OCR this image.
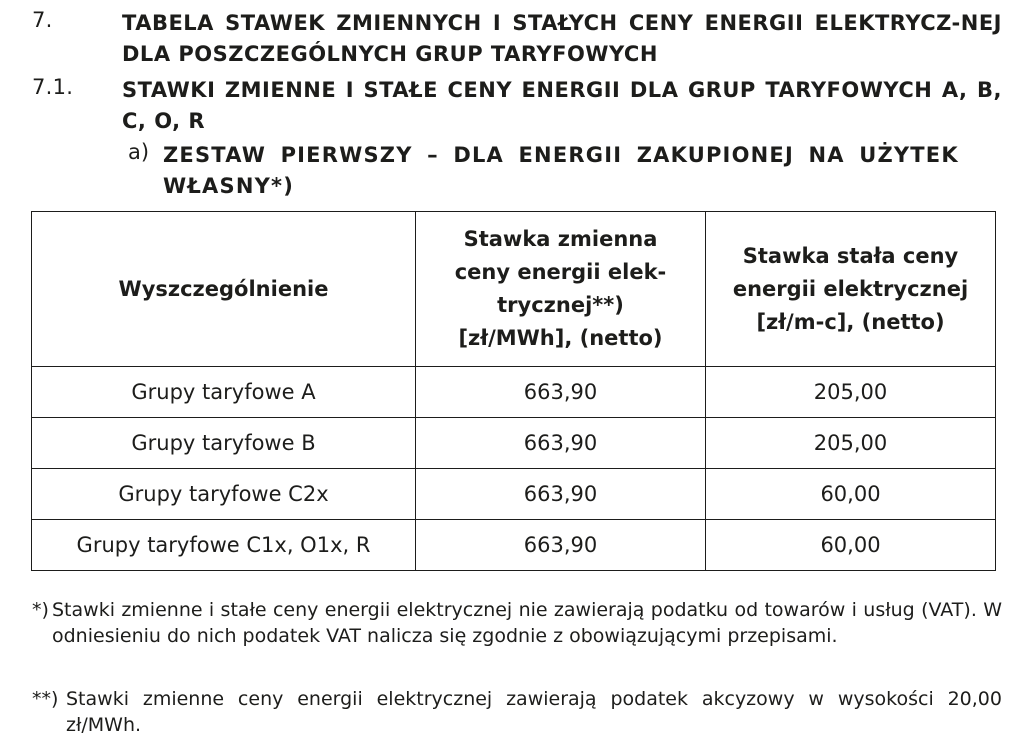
7.	TABELA STAWEK ZMIENNYCH I STAŁYCH CENY ENERGII ELEKTRYCZ-NEJ DLA POSZCZEGÓLNYCH GRUP TARYFOWYCH
7.1. STAWKI ZMIENNE I STAŁE CENY ENERGII DLA GRUP TARYFOWYCH A, B, C, O, R
a) ZESTAW PIERWSZY – DLA ENERGII ZAKUPIONEJ NA UŻYTEK WŁASNY*)
Wyszczególnienie	Stawka zmienna ceny energii elek-trycznej**) [zł/MWh], (netto)	Stawka stała ceny energii elektrycznej [zł/m-c], (netto)
Grupy taryfowe A	663,90	205,00
Grupy taryfowe B	663,90	205,00
Grupy taryfowe C2x	663,90	60,00
Grupy taryfowe C1x, O1x, R	663,90	60,00
*) Stawki zmienne i stałe ceny energii elektrycznej nie zawierają podatku od towarów i usług (VAT). W odniesieniu do nich podatek VAT nalicza się zgodnie z obowiązującymi przepisami.
**) Stawki zmienne ceny energii elektrycznej zawierają podatek akcyzowy w wysokości 20,00 zł/MWh.
